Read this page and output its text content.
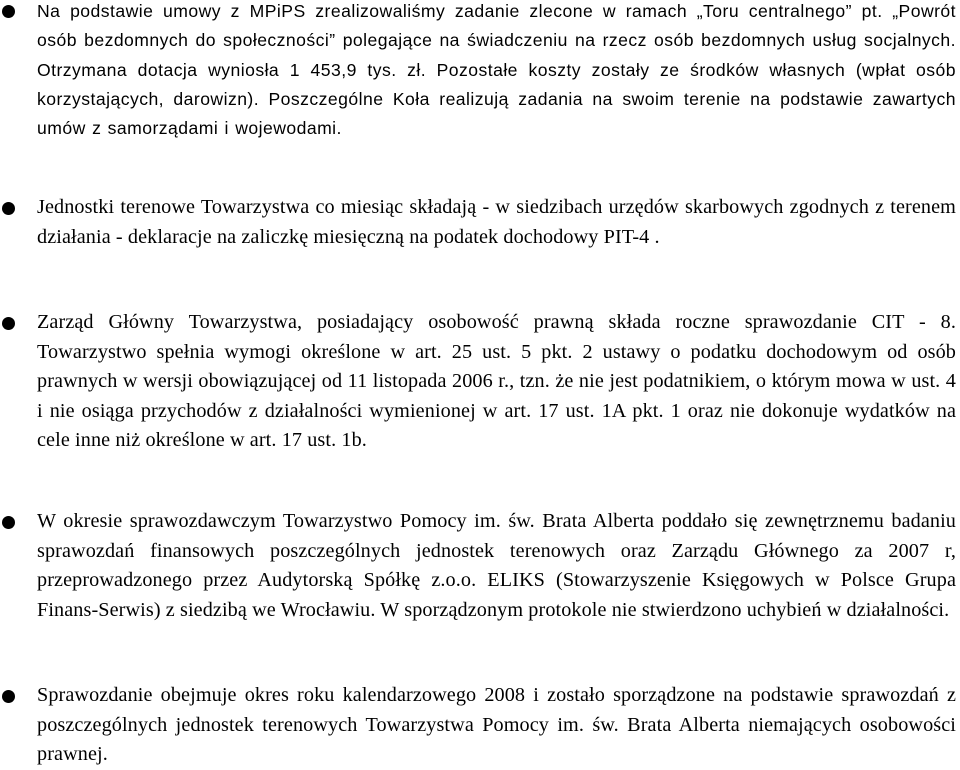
Na podstawie umowy z MPiPS zrealizowaliśmy zadanie zlecone w ramach „Toru centralnego” pt. „Powrót osób bezdomnych do społeczności” polegające na świadczeniu na rzecz osób bezdomnych usług socjalnych. Otrzymana dotacja wyniosła 1 453,9 tys. zł. Pozostałe koszty zostały ze środków własnych (wpłat osób korzystających, darowizn). Poszczególne Koła realizują zadania na swoim terenie na podstawie zawartych umów z samorządami i wojewodami.
Jednostki terenowe Towarzystwa co miesiąc składają - w siedzibach urzędów skarbowych zgodnych z terenem działania - deklaracje na zaliczkę miesięczną na podatek dochodowy PIT-4 .
Zarząd Główny Towarzystwa, posiadający osobowość prawną składa roczne sprawozdanie CIT - 8. Towarzystwo spełnia wymogi określone w art. 25 ust. 5 pkt. 2 ustawy o podatku dochodowym od osób prawnych w wersji obowiązującej od 11 listopada 2006 r., tzn. że nie jest podatnikiem, o którym mowa w ust. 4 i nie osiąga przychodów z działalności wymienionej w art. 17 ust. 1A pkt. 1 oraz nie dokonuje wydatków na cele inne niż określone w art. 17 ust. 1b.
W okresie sprawozdawczym Towarzystwo Pomocy im. św. Brata Alberta poddało się zewnętrznemu badaniu sprawozdań finansowych poszczególnych jednostek terenowych oraz Zarządu Głównego za 2007 r, przeprowadzonego przez Audytorską Spółkę z.o.o. ELIKS (Stowarzyszenie Księgowych w Polsce Grupa Finans-Serwis) z siedzibą we Wrocławiu. W sporządzonym protokole nie stwierdzono uchybień w działalności.
Sprawozdanie obejmuje okres roku kalendarzowego 2008 i zostało sporządzone na podstawie sprawozdań z poszczególnych jednostek terenowych Towarzystwa Pomocy im. św. Brata Alberta niemających osobowości prawnej.
